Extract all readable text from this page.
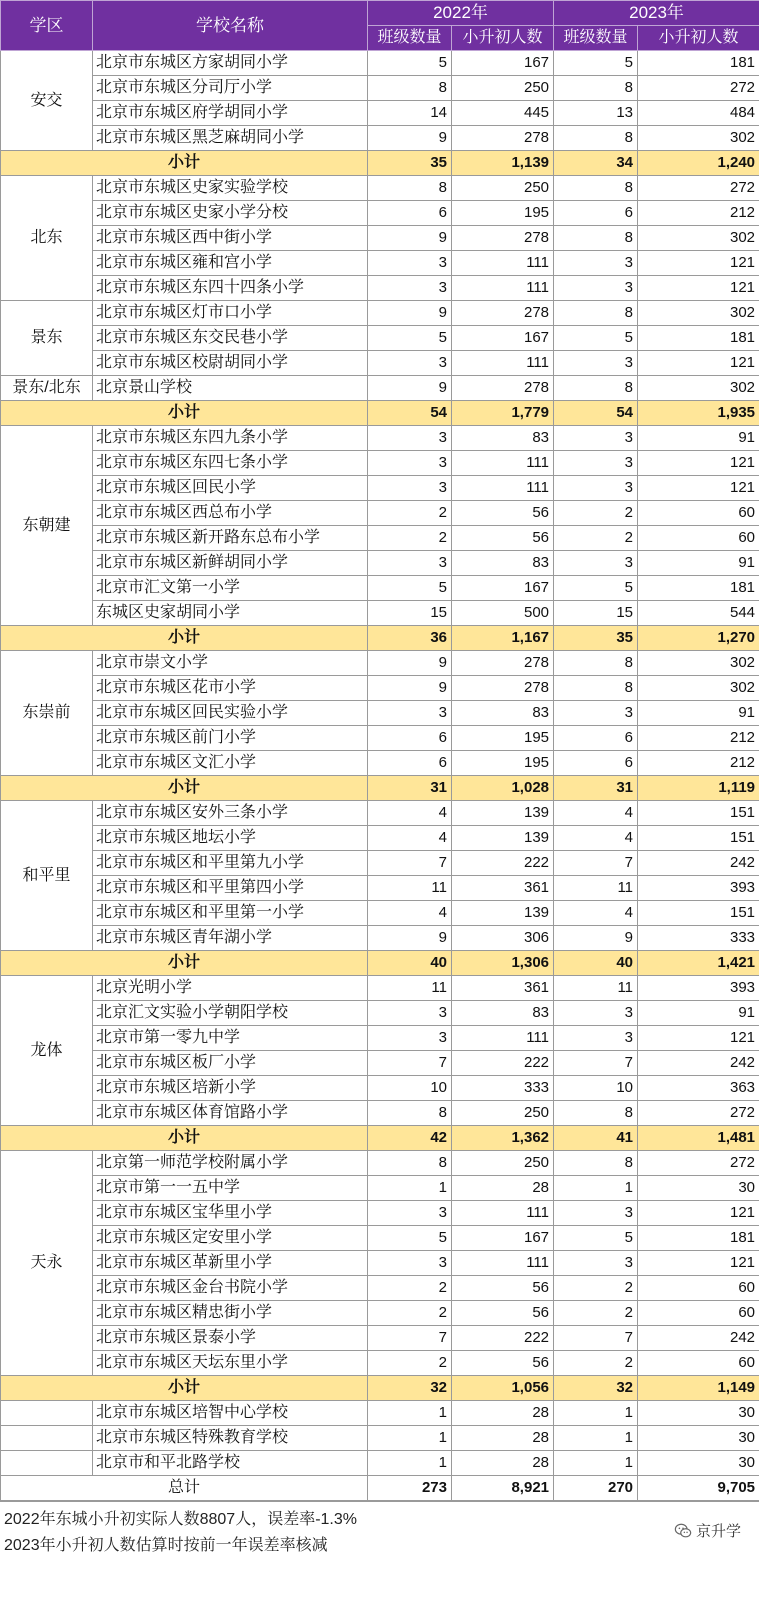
学区	学校名称	2022年		2023年	
		班级数量	小升初人数	班级数量	小升初人数
安交	北京市东城区方家胡同小学	5	167	5	181
	北京市东城区分司厅小学	8	250	8	272
	北京市东城区府学胡同小学	14	445	13	484
	北京市东城区黑芝麻胡同小学	9	278	8	302
小计		35	1,139	34	1,240
北东	北京市东城区史家实验学校	8	250	8	272
	北京市东城区史家小学分校	6	195	6	212
	北京市东城区西中街小学	9	278	8	302
	北京市东城区雍和宫小学	3	111	3	121
	北京市东城区东四十四条小学	3	111	3	121
景东	北京市东城区灯市口小学	9	278	8	302
	北京市东城区东交民巷小学	5	167	5	181
	北京市东城区校尉胡同小学	3	111	3	121
景东/北东	北京景山学校	9	278	8	302
小计		54	1,779	54	1,935
东朝建	北京市东城区东四九条小学	3	83	3	91
	北京市东城区东四七条小学	3	111	3	121
	北京市东城区回民小学	3	111	3	121
	北京市东城区西总布小学	2	56	2	60
	北京市东城区新开路东总布小学	2	56	2	60
	北京市东城区新鲜胡同小学	3	83	3	91
	北京市汇文第一小学	5	167	5	181
	东城区史家胡同小学	15	500	15	544
小计		36	1,167	35	1,270
东崇前	北京市崇文小学	9	278	8	302
	北京市东城区花市小学	9	278	8	302
	北京市东城区回民实验小学	3	83	3	91
	北京市东城区前门小学	6	195	6	212
	北京市东城区文汇小学	6	195	6	212
小计		31	1,028	31	1,119
和平里	北京市东城区安外三条小学	4	139	4	151
	北京市东城区地坛小学	4	139	4	151
	北京市东城区和平里第九小学	7	222	7	242
	北京市东城区和平里第四小学	11	361	11	393
	北京市东城区和平里第一小学	4	139	4	151
	北京市东城区青年湖小学	9	306	9	333
小计		40	1,306	40	1,421
龙体	北京光明小学	11	361	11	393
	北京汇文实验小学朝阳学校	3	83	3	91
	北京市第一零九中学	3	111	3	121
	北京市东城区板厂小学	7	222	7	242
	北京市东城区培新小学	10	333	10	363
	北京市东城区体育馆路小学	8	250	8	272
小计		42	1,362	41	1,481
天永	北京第一师范学校附属小学	8	250	8	272
	北京市第一一五中学	1	28	1	30
	北京市东城区宝华里小学	3	111	3	121
	北京市东城区定安里小学	5	167	5	181
	北京市东城区革新里小学	3	111	3	121
	北京市东城区金台书院小学	2	56	2	60
	北京市东城区精忠街小学	2	56	2	60
	北京市东城区景泰小学	7	222	7	242
	北京市东城区天坛东里小学	2	56	2	60
小计		32	1,056	32	1,149
	北京市东城区培智中心学校	1	28	1	30
	北京市东城区特殊教育学校	1	28	1	30
	北京市和平北路学校	1	28	1	30
总计		273	8,921	270	9,705
2022年东城小升初实际人数8807人，误差率-1.3%
2023年小升初人数估算时按前一年误差率核减
京升学
